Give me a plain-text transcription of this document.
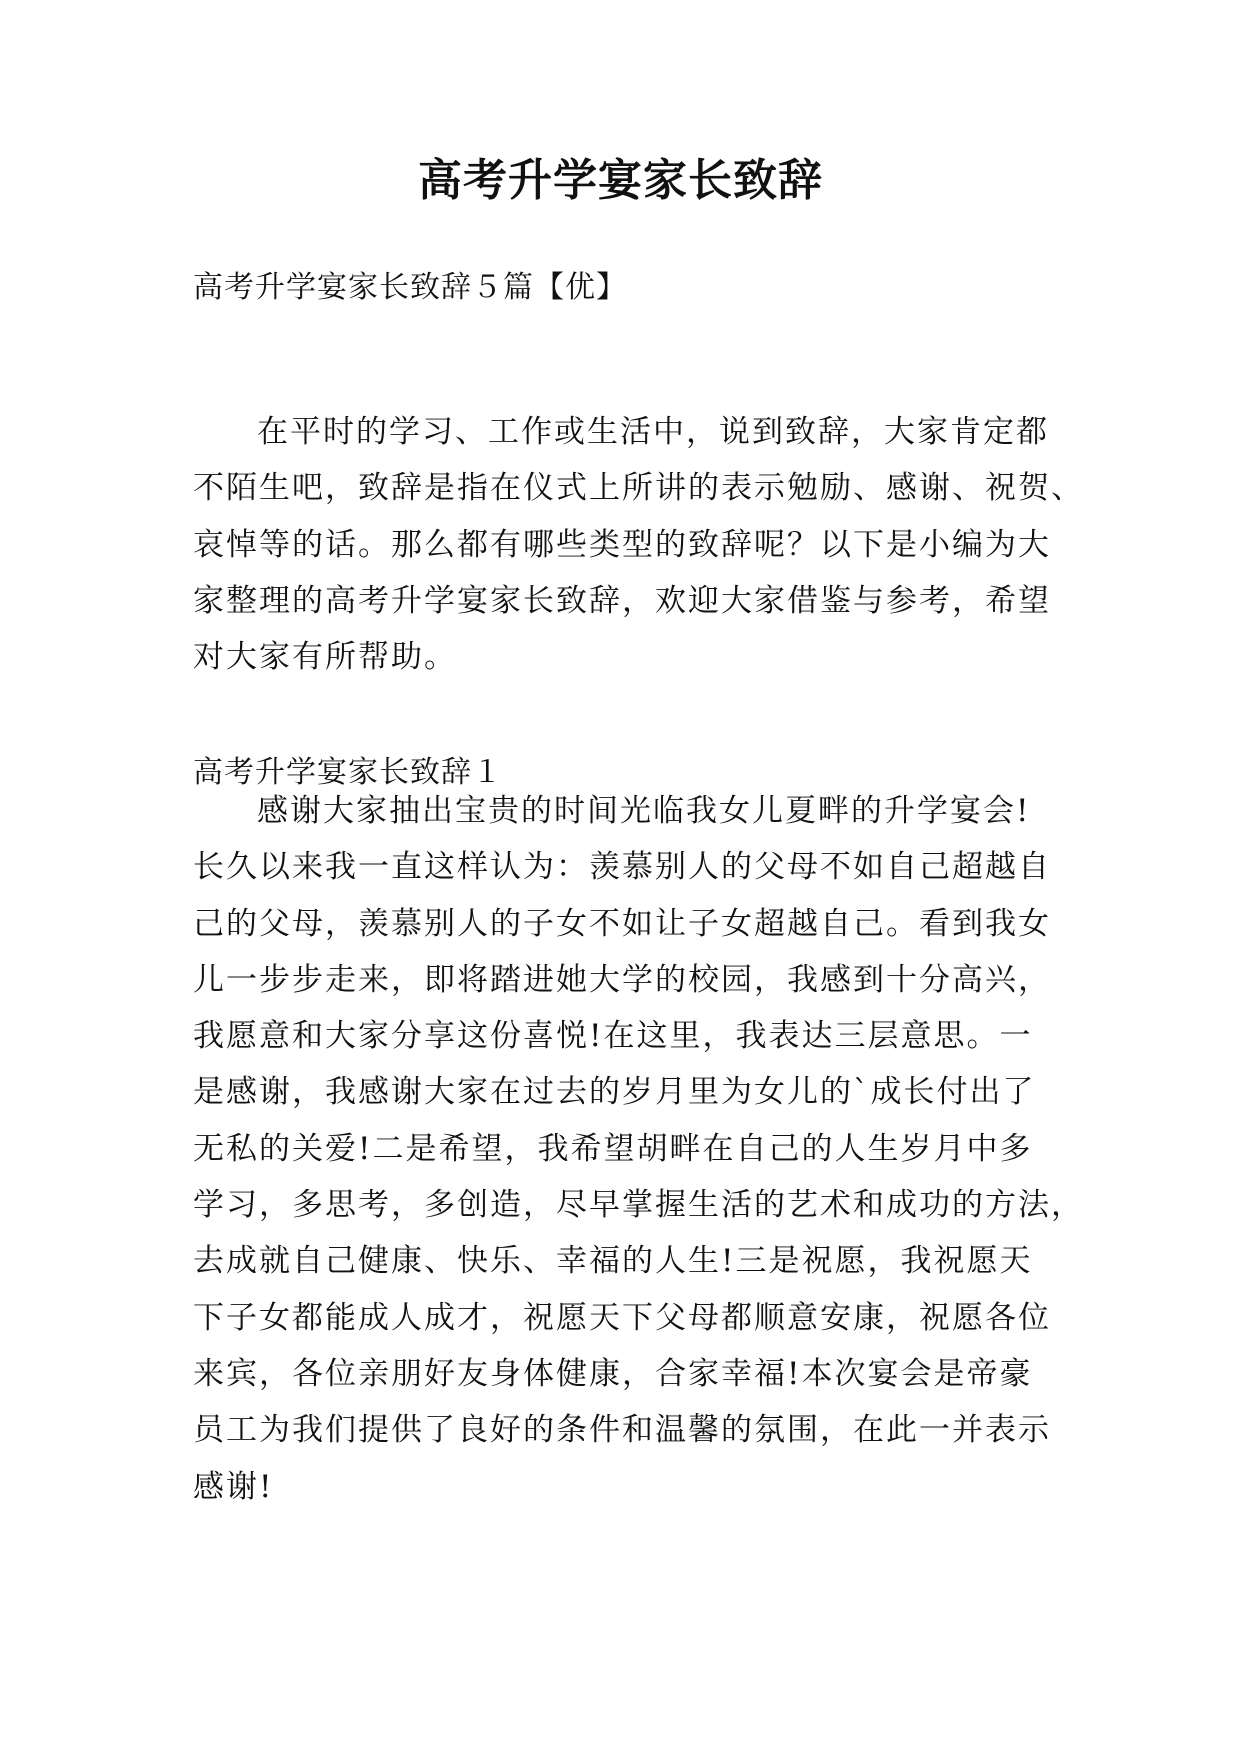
高考升学宴家长致辞
高考升学宴家长致辞５篇【优】
在平时的学习、工作或生活中，说到致辞，大家肯定都
不陌生吧，致辞是指在仪式上所讲的表示勉励、感谢、祝贺、
哀悼等的话。那么都有哪些类型的致辞呢？以下是小编为大
家整理的高考升学宴家长致辞，欢迎大家借鉴与参考，希望
对大家有所帮助。
高考升学宴家长致辞１
感谢大家抽出宝贵的时间光临我女儿夏畔的升学宴会!
长久以来我一直这样认为：羡慕别人的父母不如自己超越自
己的父母，羡慕别人的子女不如让子女超越自己。看到我女
儿一步步走来，即将踏进她大学的校园，我感到十分高兴，
我愿意和大家分享这份喜悦!在这里，我表达三层意思。一
是感谢，我感谢大家在过去的岁月里为女儿的`成长付出了
无私的关爱!二是希望，我希望胡畔在自己的人生岁月中多
学习，多思考，多创造，尽早掌握生活的艺术和成功的方法，
去成就自己健康、快乐、幸福的人生!三是祝愿，我祝愿天
下子女都能成人成才，祝愿天下父母都顺意安康，祝愿各位
来宾，各位亲朋好友身体健康，合家幸福!本次宴会是帝豪
员工为我们提供了良好的条件和温馨的氛围，在此一并表示
感谢!
